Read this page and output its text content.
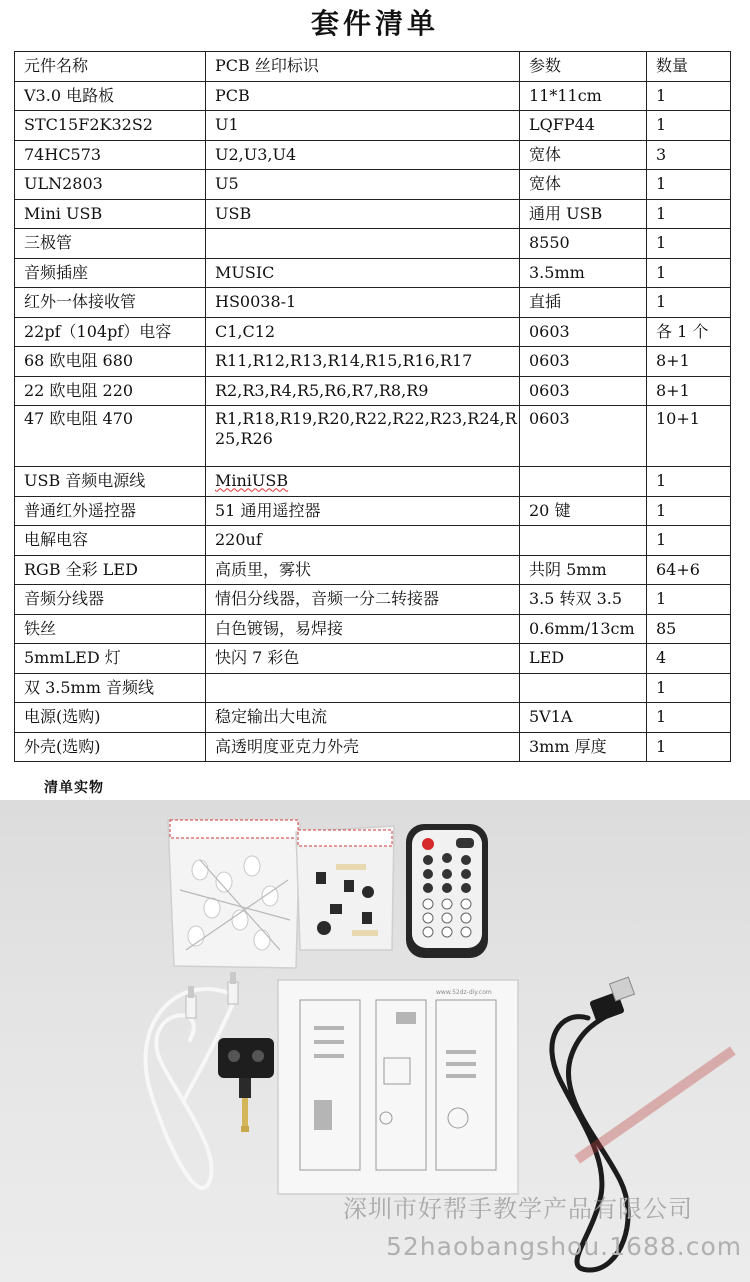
套件清单
元件名称	PCB 丝印标识	参数	数量
V3.0 电路板	PCB	11*11cm	1
STC15F2K32S2	U1	LQFP44	1
74HC573	U2,U3,U4	宽体	3
ULN2803	U5	宽体	1
Mini USB	USB	通用 USB	1
三极管		8550	1
音频插座	MUSIC	3.5mm	1
红外一体接收管	HS0038-1	直插	1
22pf（104pf）电容	C1,C12	0603	各 1 个
68 欧电阻 680	R11,R12,R13,R14,R15,R16,R17	0603	8+1
22 欧电阻 220	R2,R3,R4,R5,R6,R7,R8,R9	0603	8+1
47 欧电阻 470	R1,R18,R19,R20,R22,R22,R23,R24,R25,R26	0603	10+1
USB 音频电源线	MiniUSB		1
普通红外遥控器	51 通用遥控器	20 键	1
电解电容	220uf		1
RGB 全彩 LED	高质里，雾状	共阴 5mm	64+6
音频分线器	情侣分线器，音频一分二转接器	3.5 转双 3.5	1
铁丝	白色镀锡，易焊接	0.6mm/13cm	85
5mmLED 灯	快闪 7 彩色	LED	4
双 3.5mm 音频线			1
电源(选购)	稳定输出大电流	5V1A	1
外壳(选购)	高透明度亚克力外壳	3mm 厚度	1
清单实物
www.52dz-diy.com
深圳市好帮手教学产品有限公司
52haobangshou.1688.com
